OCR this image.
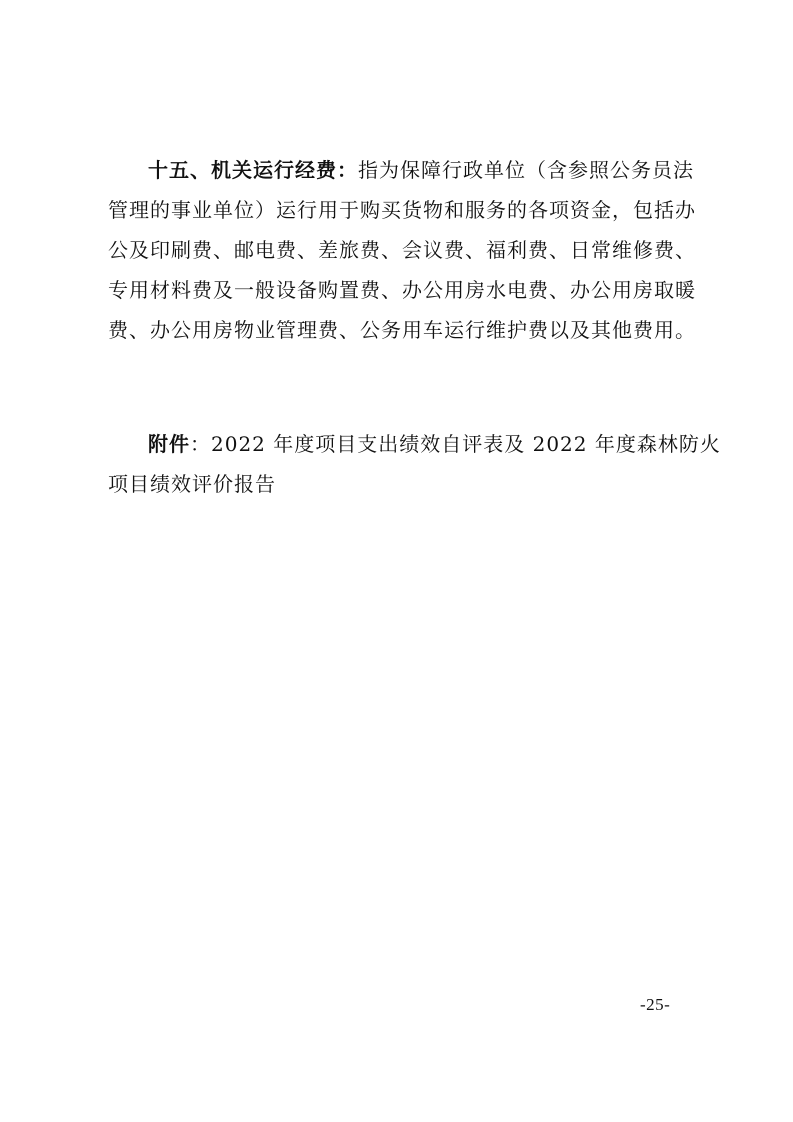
十五、机关运行经费：指为保障行政单位（含参照公务员法
管理的事业单位）运行用于购买货物和服务的各项资金，包括办
公及印刷费、邮电费、差旅费、会议费、福利费、日常维修费、
专用材料费及一般设备购置费、办公用房水电费、办公用房取暖
费、办公用房物业管理费、公务用车运行维护费以及其他费用。
附件：2022 年度项目支出绩效自评表及 2022 年度森林防火
项目绩效评价报告
-25-
